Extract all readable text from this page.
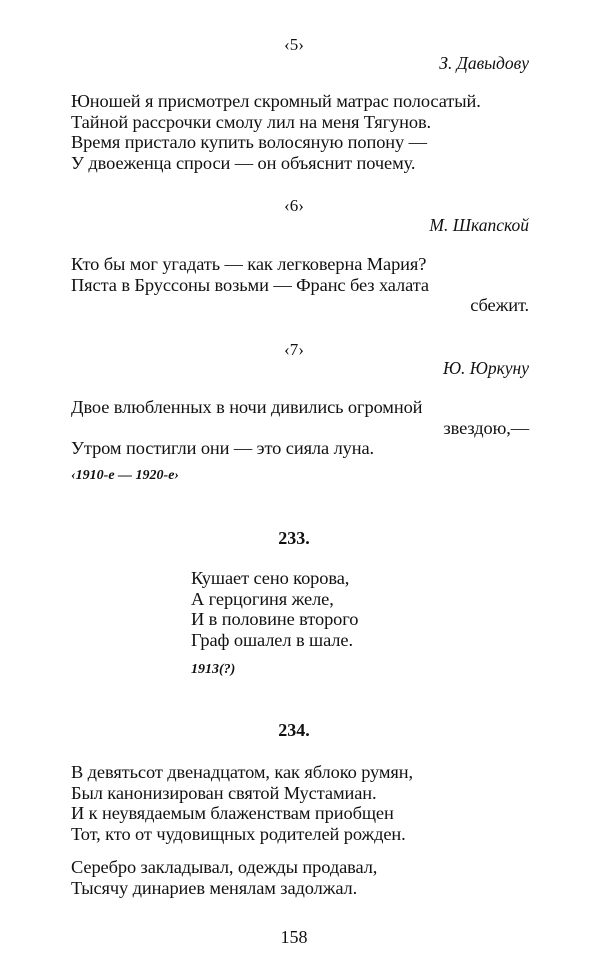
‹5›
З. Давыдову
Юношей я присмотрел скромный матрас полосатый.
Тайной рассрочки смолу лил на меня Тягунов.
Время пристало купить волосяную попону —
У двоеженца спроси — он объяснит почему.
‹6›
М. Шкапской
Кто бы мог угадать — как легковерна Мария?
Пяста в Бруссоны возьми — Франс без халата
сбежит.
‹7›
Ю. Юркуну
Двое влюбленных в ночи дивились огромной
звездою,—
Утром постигли они — это сияла луна.
‹1910-е — 1920-е›
233.
Кушает сено корова,
А герцогиня желе,
И в половине второго
Граф ошалел в шале.
1913(?)
234.
В девятьсот двенадцатом, как яблоко румян,
Был канонизирован святой Мустамиан.
И к неувядаемым блаженствам приобщен
Тот, кто от чудовищных родителей рожден.
Серебро закладывал, одежды продавал,
Тысячу динариев менялам задолжал.
158
